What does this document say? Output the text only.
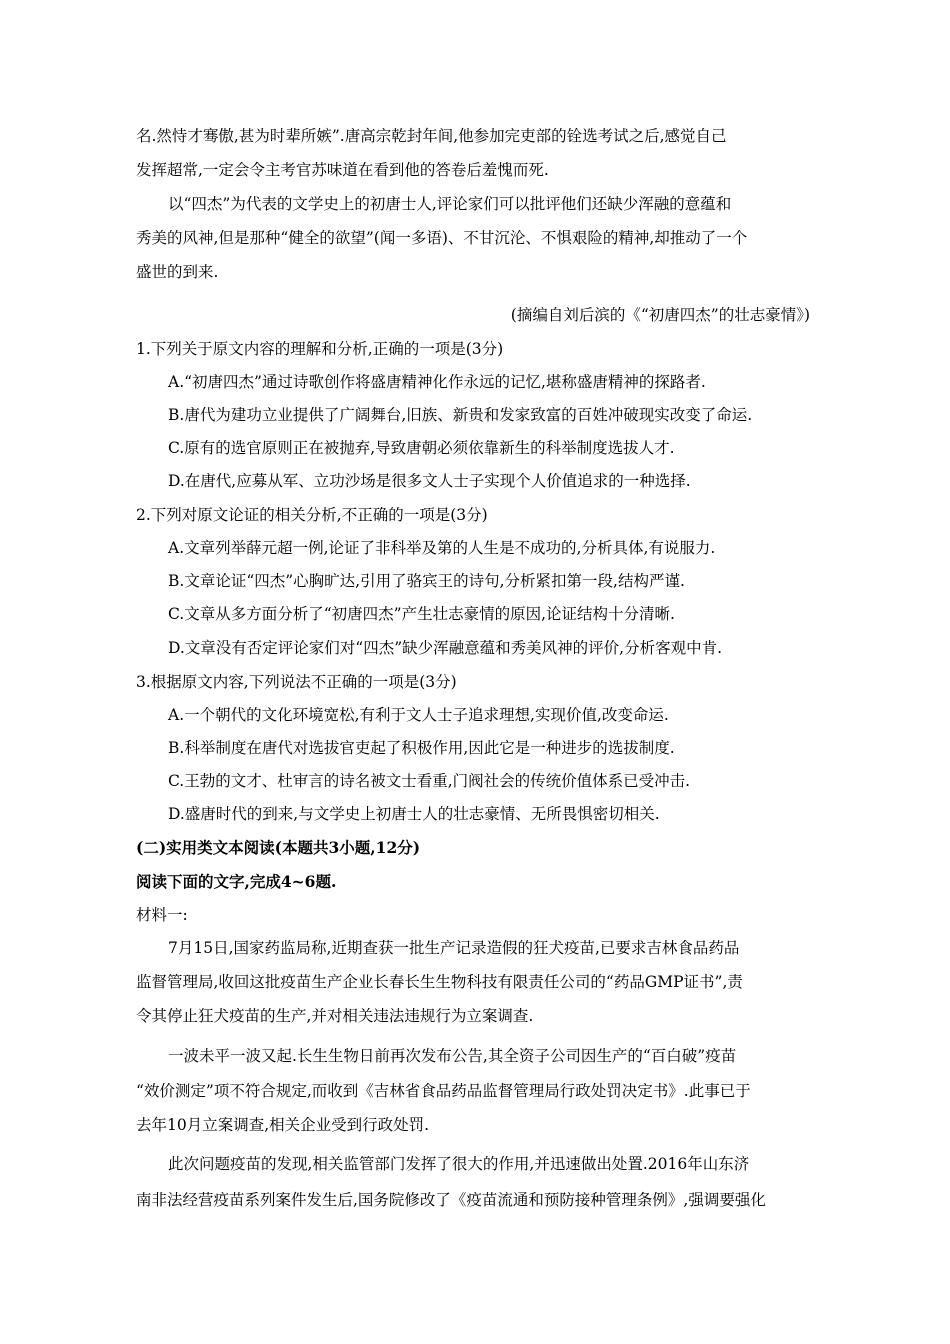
名.然恃才骞傲,甚为时辈所嫉”.唐高宗乾封年间,他参加完吏部的铨选考试之后,感觉自己
发挥超常,一定会令主考官苏味道在看到他的答卷后羞愧而死.
以“四杰”为代表的文学史上的初唐士人,评论家们可以批评他们还缺少浑融的意蕴和
秀美的风神,但是那种“健全的欲望”(闻一多语)、不甘沉沦、不惧艰险的精神,却推动了一个
盛世的到来.
(摘编自刘后滨的《“初唐四杰”的壮志豪情》)
1.下列关于原文内容的理解和分析,正确的一项是(3分)
A.“初唐四杰”通过诗歌创作将盛唐精神化作永远的记忆,堪称盛唐精神的探路者.
B.唐代为建功立业提供了广阔舞台,旧族、新贵和发家致富的百姓冲破现实改变了命运.
C.原有的选官原则正在被抛弃,导致唐朝必须依靠新生的科举制度选拔人才.
D.在唐代,应募从军、立功沙场是很多文人士子实现个人价值追求的一种选择.
2.下列对原文论证的相关分析,不正确的一项是(3分)
A.文章列举薛元超一例,论证了非科举及第的人生是不成功的,分析具体,有说服力.
B.文章论证“四杰”心胸旷达,引用了骆宾王的诗句,分析紧扣第一段,结构严谨.
C.文章从多方面分析了“初唐四杰”产生壮志豪情的原因,论证结构十分清晰.
D.文章没有否定评论家们对“四杰”缺少浑融意蕴和秀美风神的评价,分析客观中肯.
3.根据原文内容,下列说法不正确的一项是(3分)
A.一个朝代的文化环境宽松,有利于文人士子追求理想,实现价值,改变命运.
B.科举制度在唐代对选拔官吏起了积极作用,因此它是一种进步的选拔制度.
C.王勃的文才、杜审言的诗名被文士看重,门阀社会的传统价值体系已受冲击.
D.盛唐时代的到来,与文学史上初唐士人的壮志豪情、无所畏惧密切相关.
(二)实用类文本阅读(本题共3小题,12分)
阅读下面的文字,完成4~6题.
材料一:
7月15日,国家药监局称,近期查获一批生产记录造假的狂犬疫苗,已要求吉林食品药品
监督管理局,收回这批疫苗生产企业长春长生生物科技有限责任公司的“药品GMP证书”,责
令其停止狂犬疫苗的生产,并对相关违法违规行为立案调查.
一波未平一波又起.长生生物日前再次发布公告,其全资子公司因生产的“百白破”疫苗
“效价测定”项不符合规定,而收到《吉林省食品药品监督管理局行政处罚决定书》.此事已于
去年10月立案调查,相关企业受到行政处罚.
此次问题疫苗的发现,相关监管部门发挥了很大的作用,并迅速做出处置.2016年山东济
南非法经营疫苗系列案件发生后,国务院修改了《疫苗流通和预防接种管理条例》,强调要强化
